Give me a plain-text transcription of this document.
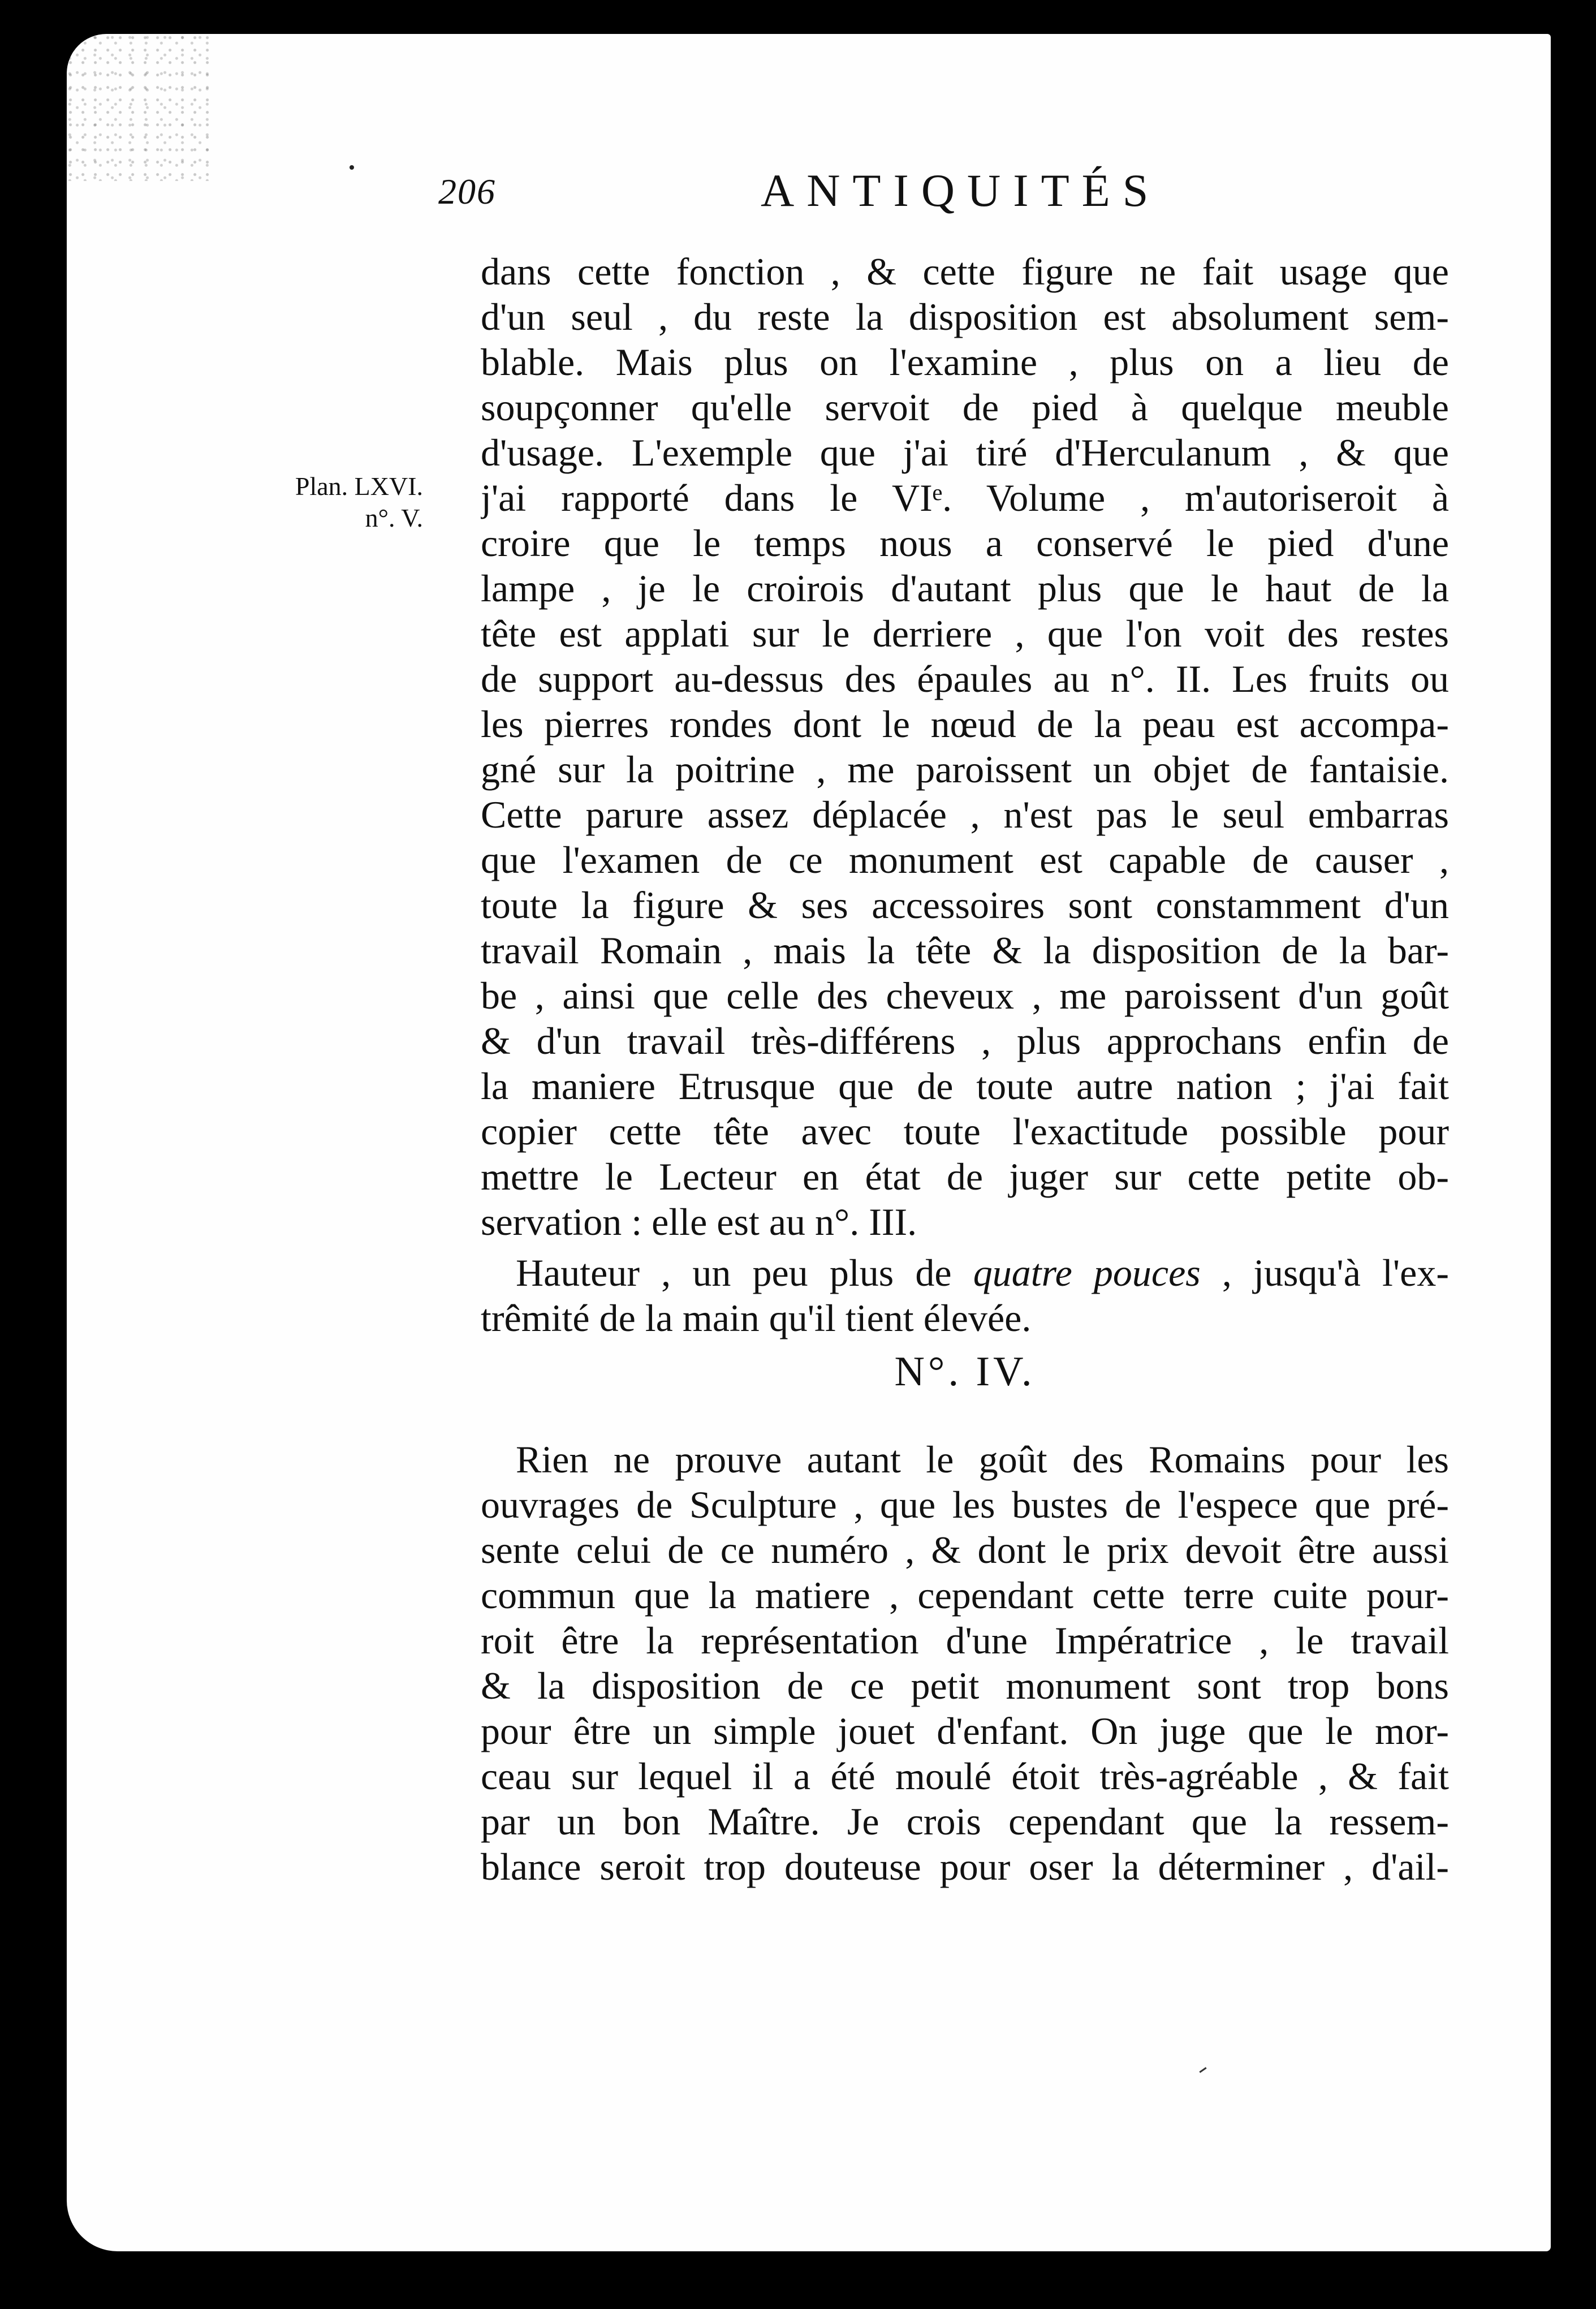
206	ANTIQUITÉS
Plan. LXVI.
n°. V.
dans cette fonction , & cette figure ne fait usage que
d'un seul , du reste la disposition est absolument sem-
blable. Mais plus on l'examine , plus on a lieu de
soupçonner qu'elle servoit de pied à quelque meuble
d'usage. L'exemple que j'ai tiré d'Herculanum , & que
j'ai rapporté dans le VIᵉ. Volume , m'autoriseroit à
croire que le temps nous a conservé le pied d'une
lampe , je le croirois d'autant plus que le haut de la
tête est applati sur le derriere , que l'on voit des restes
de support au-dessus des épaules au n°. II. Les fruits ou
les pierres rondes dont le nœud de la peau est accompa-
gné sur la poitrine , me paroissent un objet de fantaisie.
Cette parure assez déplacée , n'est pas le seul embarras
que l'examen de ce monument est capable de causer ,
toute la figure & ses accessoires sont constamment d'un
travail Romain , mais la tête & la disposition de la bar-
be , ainsi que celle des cheveux , me paroissent d'un goût
& d'un travail très-différens , plus approchans enfin de
la maniere Etrusque que de toute autre nation ; j'ai fait
copier cette tête avec toute l'exactitude possible pour
mettre le Lecteur en état de juger sur cette petite ob-
servation : elle est au n°. III.
Hauteur , un peu plus de quatre pouces , jusqu'à l'ex-
trêmité de la main qu'il tient élevée.
N°. IV.
Rien ne prouve autant le goût des Romains pour les
ouvrages de Sculpture , que les bustes de l'espece que pré-
sente celui de ce numéro , & dont le prix devoit être aussi
commun que la matiere , cependant cette terre cuite pour-
roit être la représentation d'une Impératrice , le travail
& la disposition de ce petit monument sont trop bons
pour être un simple jouet d'enfant. On juge que le mor-
ceau sur lequel il a été moulé étoit très-agréable , & fait
par un bon Maître. Je crois cependant que la ressem-
blance seroit trop douteuse pour oser la déterminer , d'ail-
